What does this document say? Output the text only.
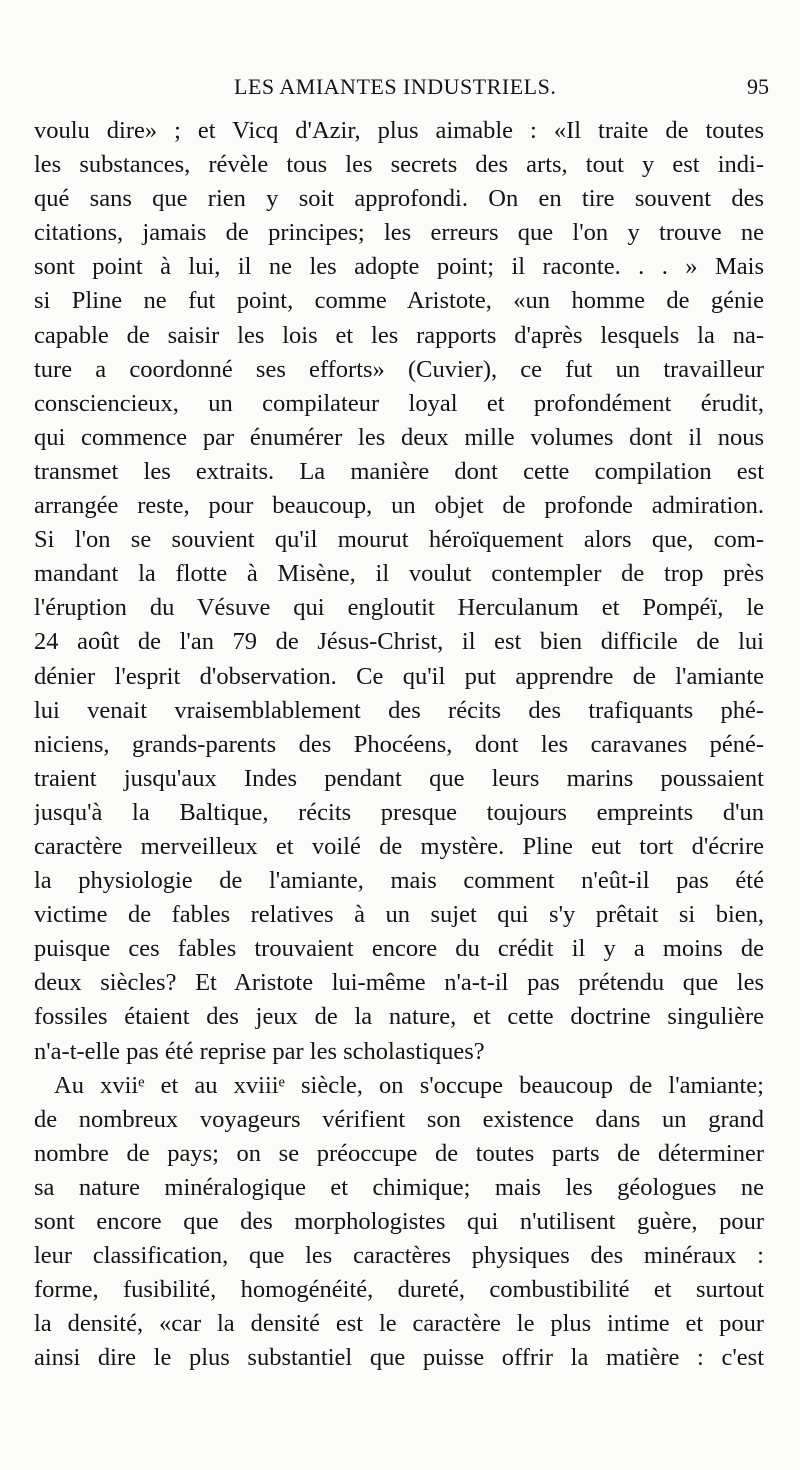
LES AMIANTES INDUSTRIELS.	95
voulu dire» ; et Vicq d'Azir, plus aimable : «Il traite de toutes
les substances, révèle tous les secrets des arts, tout y est indi-
qué sans que rien y soit approfondi. On en tire souvent des
citations, jamais de principes; les erreurs que l'on y trouve ne
sont point à lui, il ne les adopte point; il raconte. . . » Mais
si Pline ne fut point, comme Aristote, «un homme de génie
capable de saisir les lois et les rapports d'après lesquels la na-
ture a coordonné ses efforts» (Cuvier), ce fut un travailleur
consciencieux, un compilateur loyal et profondément érudit,
qui commence par énumérer les deux mille volumes dont il nous
transmet les extraits. La manière dont cette compilation est
arrangée reste, pour beaucoup, un objet de profonde admiration.
Si l'on se souvient qu'il mourut héroïquement alors que, com-
mandant la flotte à Misène, il voulut contempler de trop près
l'éruption du Vésuve qui engloutit Herculanum et Pompéï, le
24 août de l'an 79 de Jésus-Christ, il est bien difficile de lui
dénier l'esprit d'observation. Ce qu'il put apprendre de l'amiante
lui venait vraisemblablement des récits des trafiquants phé-
niciens, grands-parents des Phocéens, dont les caravanes péné-
traient jusqu'aux Indes pendant que leurs marins poussaient
jusqu'à la Baltique, récits presque toujours empreints d'un
caractère merveilleux et voilé de mystère. Pline eut tort d'écrire
la physiologie de l'amiante, mais comment n'eût-il pas été
victime de fables relatives à un sujet qui s'y prêtait si bien,
puisque ces fables trouvaient encore du crédit il y a moins de
deux siècles? Et Aristote lui-même n'a-t-il pas prétendu que les
fossiles étaient des jeux de la nature, et cette doctrine singulière
n'a-t-elle pas été reprise par les scholastiques?
Au xviiᵉ et au xviiiᵉ siècle, on s'occupe beaucoup de l'amiante;
de nombreux voyageurs vérifient son existence dans un grand
nombre de pays; on se préoccupe de toutes parts de déterminer
sa nature minéralogique et chimique; mais les géologues ne
sont encore que des morphologistes qui n'utilisent guère, pour
leur classification, que les caractères physiques des minéraux :
forme, fusibilité, homogénéité, dureté, combustibilité et surtout
la densité, «car la densité est le caractère le plus intime et pour
ainsi dire le plus substantiel que puisse offrir la matière : c'est
